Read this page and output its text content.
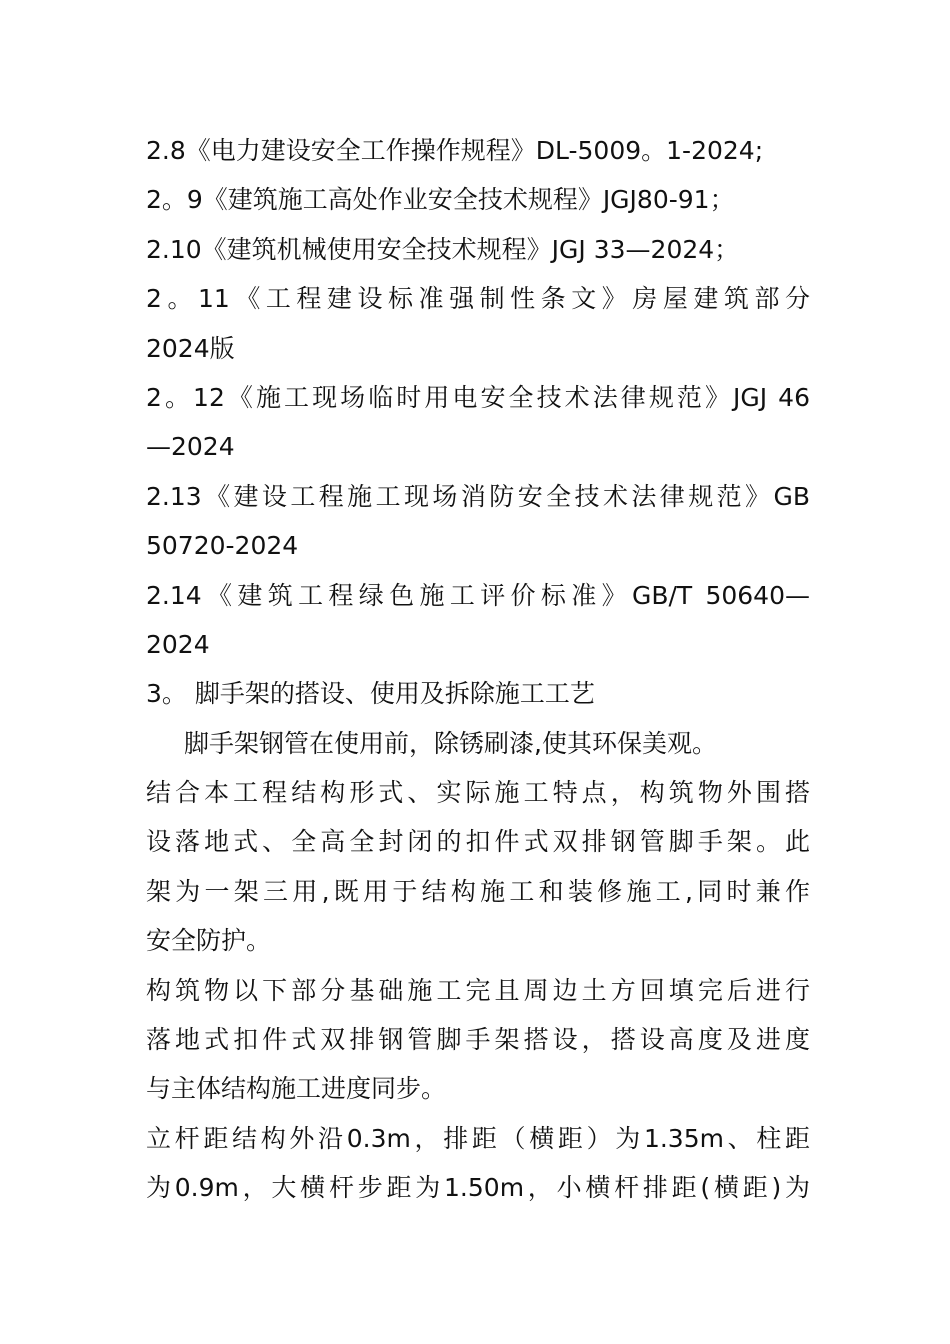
2.8《电力建设安全工作操作规程》DL-5009。1-2024;
2。9《建筑施工高处作业安全技术规程》JGJ80-91；
2.10《建筑机械使用安全技术规程》JGJ 33—2024；
2。11《工程建设标准强制性条文》房屋建筑部分
2024版
2。12《施工现场临时用电安全技术法律规范》JGJ 46
—2024
2.13《建设工程施工现场消防安全技术法律规范》GB
50720-2024
2.14《建筑工程绿色施工评价标准》GB/T 50640—
2024
3。 脚手架的搭设、使用及拆除施工工艺
脚手架钢管在使用前，除锈刷漆,使其环保美观。
结合本工程结构形式、实际施工特点，构筑物外围搭
设落地式、全高全封闭的扣件式双排钢管脚手架。此
架为一架三用,既用于结构施工和装修施工,同时兼作
安全防护。
构筑物以下部分基础施工完且周边土方回填完后进行
落地式扣件式双排钢管脚手架搭设，搭设高度及进度
与主体结构施工进度同步。
立杆距结构外沿0.3m，排距（横距）为1.35m、柱距
为0.9m，大横杆步距为1.50m，小横杆排距(横距)为
